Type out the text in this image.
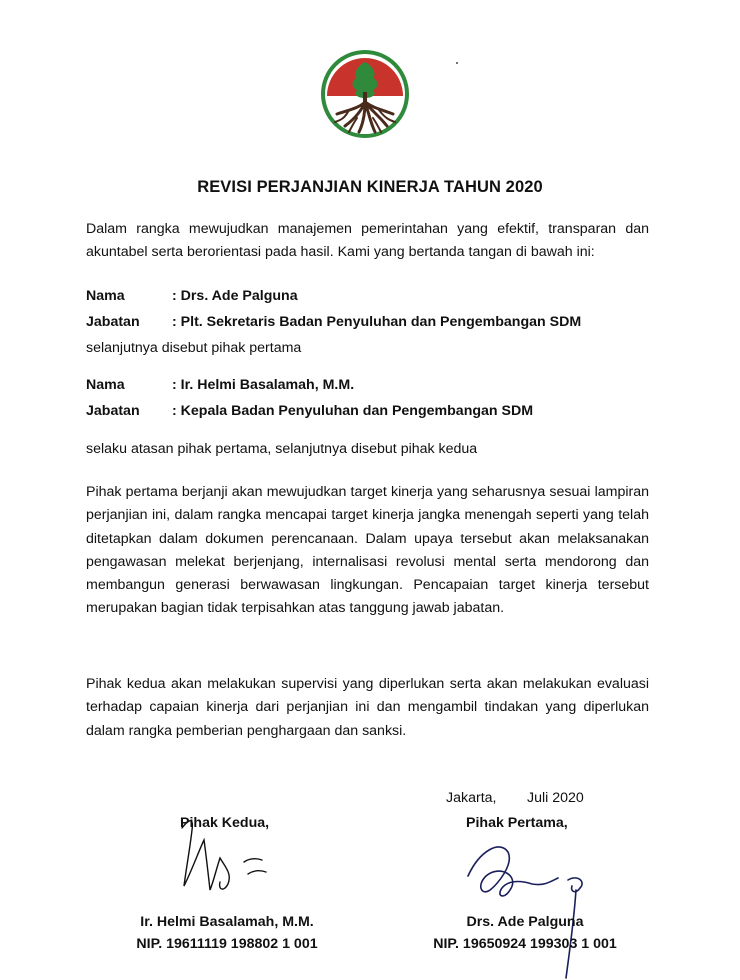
REVISI PERJANJIAN KINERJA TAHUN 2020
Dalam rangka mewujudkan manajemen pemerintahan yang efektif, transparan dan akuntabel serta berorientasi pada hasil. Kami yang bertanda tangan di bawah ini:
Nama	: Drs. Ade Palguna
Jabatan : Plt. Sekretaris Badan Penyuluhan dan Pengembangan SDM
selanjutnya disebut pihak pertama
Nama	: Ir. Helmi Basalamah, M.M.
Jabatan : Kepala Badan Penyuluhan dan Pengembangan SDM
selaku atasan pihak pertama, selanjutnya disebut pihak kedua
Pihak pertama berjanji akan mewujudkan target kinerja yang seharusnya sesuai lampiran perjanjian ini, dalam rangka mencapai target kinerja jangka menengah seperti yang telah ditetapkan dalam dokumen perencanaan. Dalam upaya tersebut akan melaksanakan pengawasan melekat berjenjang, internalisasi revolusi mental serta mendorong dan membangun generasi berwawasan lingkungan. Pencapaian target kinerja tersebut merupakan bagian tidak terpisahkan atas tanggung jawab jabatan.
Pihak kedua akan melakukan supervisi yang diperlukan serta akan melakukan evaluasi terhadap capaian kinerja dari perjanjian ini dan mengambil tindakan yang diperlukan dalam rangka pemberian penghargaan dan sanksi.
Jakarta, Juli 2020
Pihak Kedua,	Pihak Pertama,
Ir. Helmi Basalamah, M.M.
NIP. 19611119 198802 1 001
Drs. Ade Palguna
NIP. 19650924 199303 1 001
